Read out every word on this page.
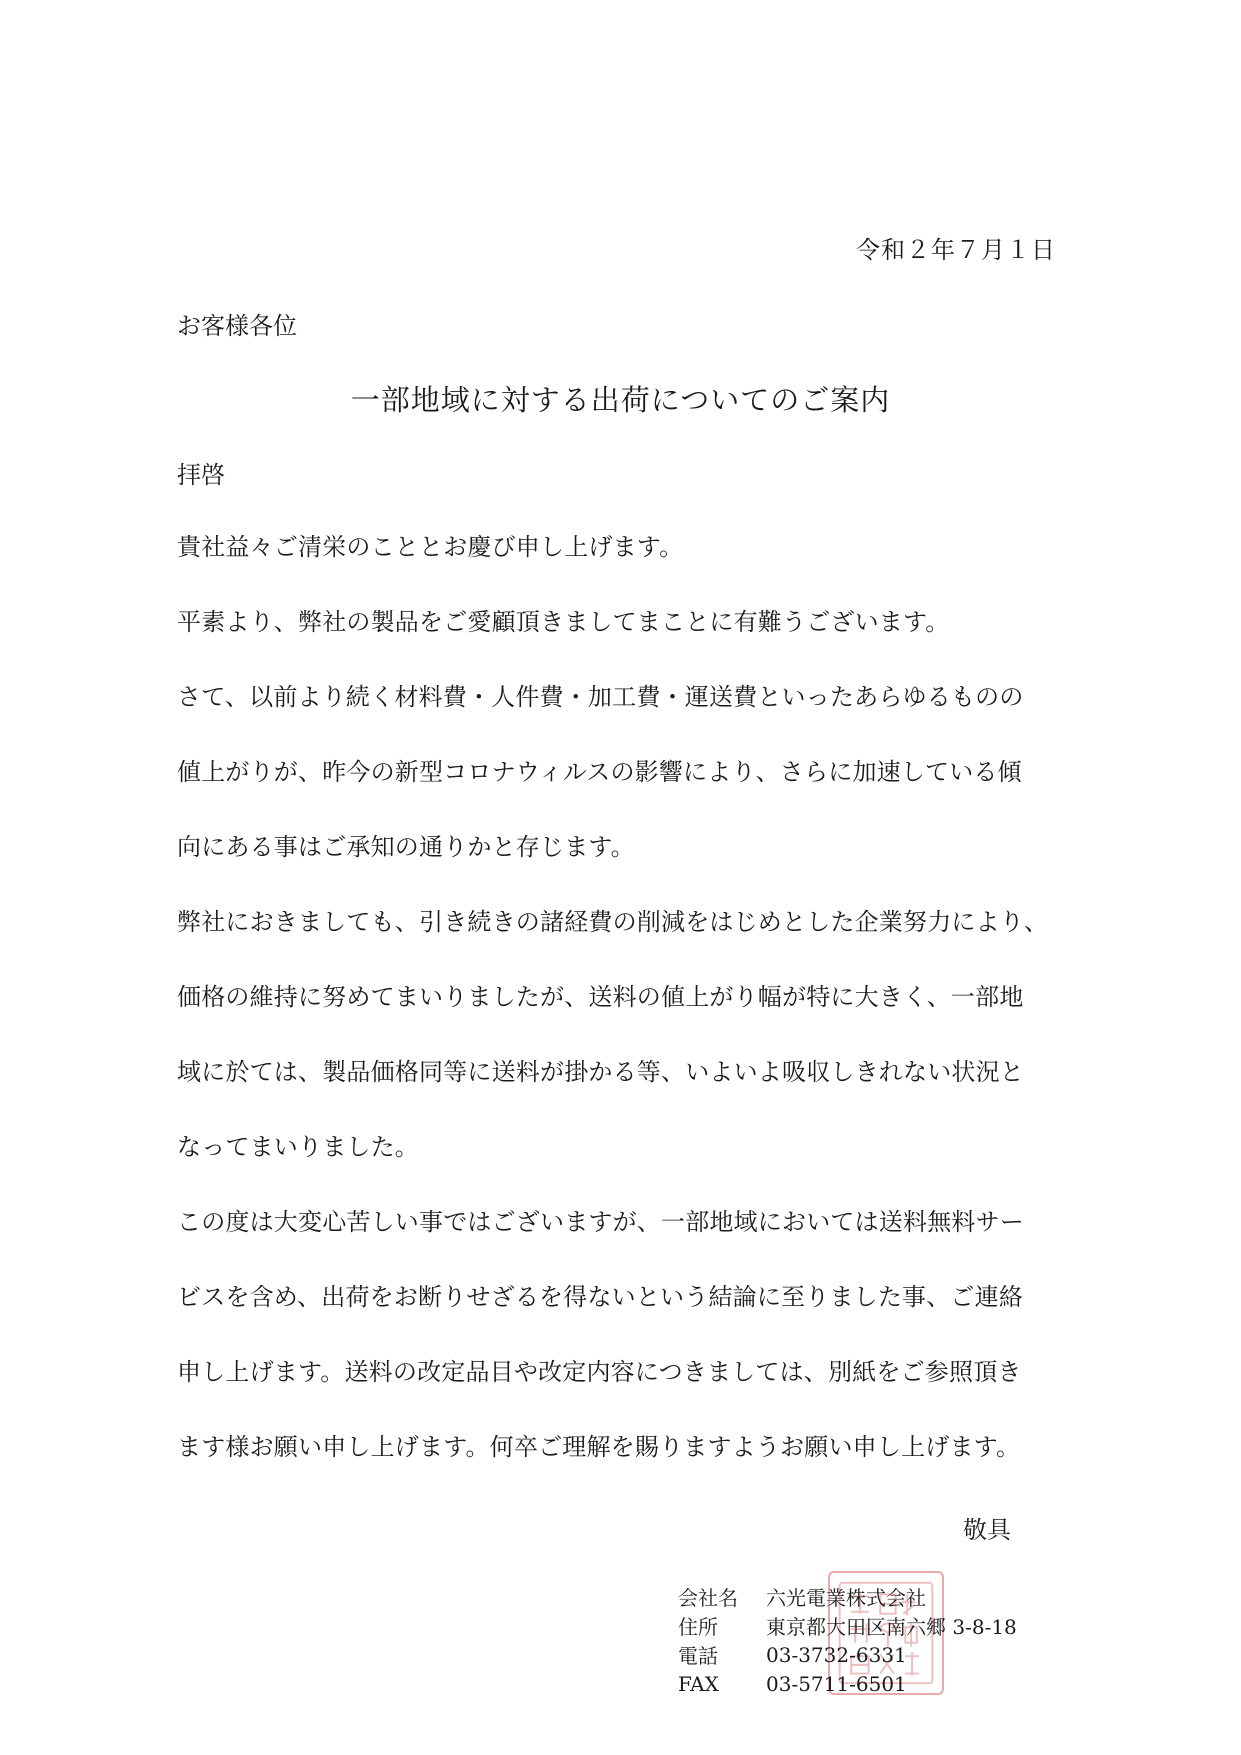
令和２年７月１日
お客様各位
一部地域に対する出荷についてのご案内
拝啓
貴社益々ご清栄のこととお慶び申し上げます。
平素より、弊社の製品をご愛顧頂きましてまことに有難うございます。
さて、以前より続く材料費・人件費・加工費・運送費といったあらゆるものの
値上がりが、昨今の新型コロナウィルスの影響により、さらに加速している傾
向にある事はご承知の通りかと存じます。
弊社におきましても、引き続きの諸経費の削減をはじめとした企業努力により、
価格の維持に努めてまいりましたが、送料の値上がり幅が特に大きく、一部地
域に於ては、製品価格同等に送料が掛かる等、いよいよ吸収しきれない状況と
なってまいりました。
この度は大変心苦しい事ではございますが、一部地域においては送料無料サー
ビスを含め、出荷をお断りせざるを得ないという結論に至りました事、ご連絡
申し上げます。送料の改定品目や改定内容につきましては、別紙をご参照頂き
ます様お願い申し上げます。何卒ご理解を賜りますようお願い申し上げます。
敬具
会社名	六光電業株式会社
住所	東京都大田区南六郷 3-8-18
電話	03-3732-6331
FAX	03-5711-6501
